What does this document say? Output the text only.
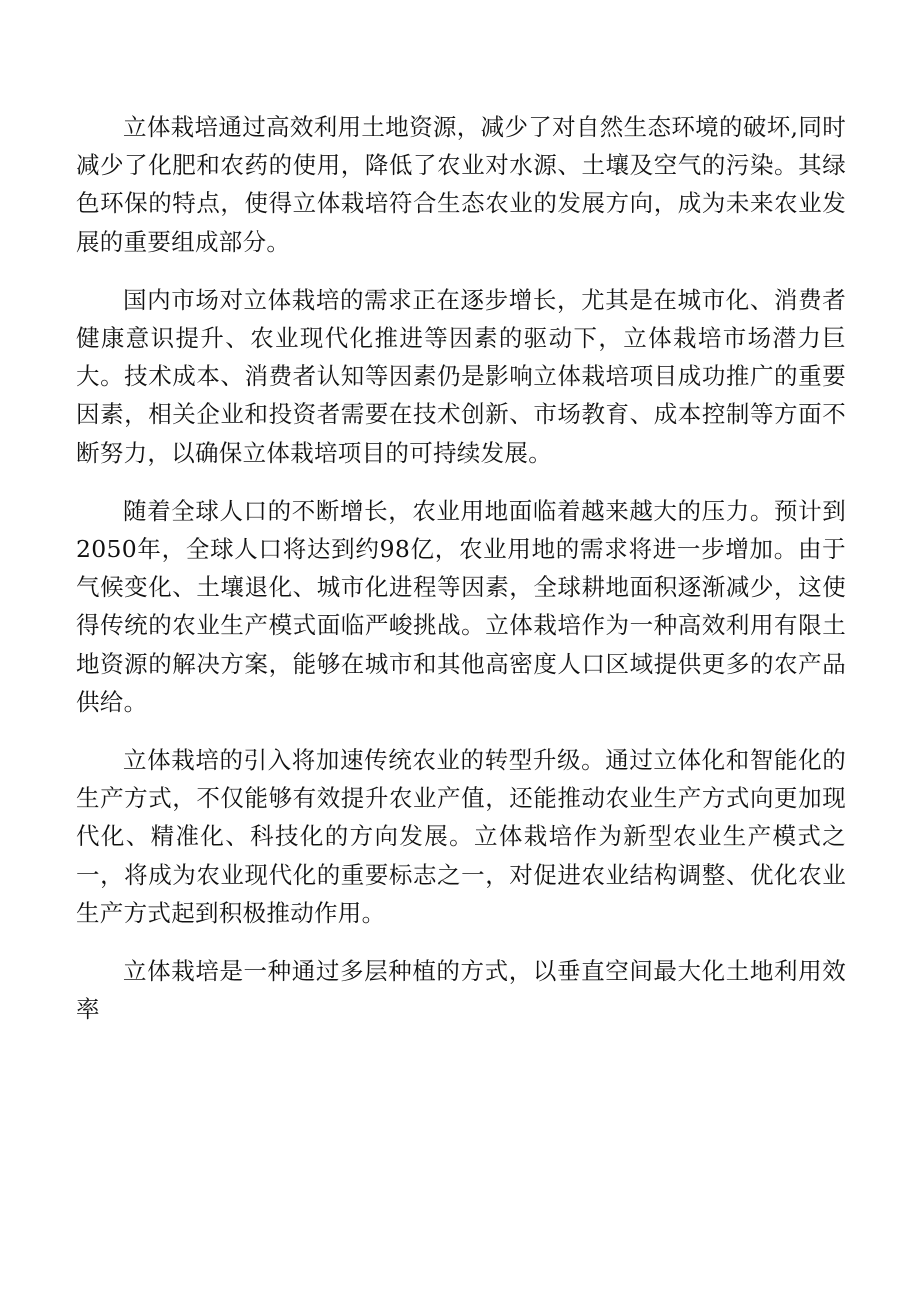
立体栽培通过高效利用土地资源，减少了对自然生态环境的破坏,同时减少了化肥和农药的使用，降低了农业对水源、土壤及空气的污染。其绿色环保的特点，使得立体栽培符合生态农业的发展方向，成为未来农业发展的重要组成部分。

国内市场对立体栽培的需求正在逐步增长，尤其是在城市化、消费者健康意识提升、农业现代化推进等因素的驱动下，立体栽培市场潜力巨大。技术成本、消费者认知等因素仍是影响立体栽培项目成功推广的重要因素，相关企业和投资者需要在技术创新、市场教育、成本控制等方面不断努力，以确保立体栽培项目的可持续发展。

随着全球人口的不断增长，农业用地面临着越来越大的压力。预计到2050年，全球人口将达到约98亿，农业用地的需求将进一步增加。由于气候变化、土壤退化、城市化进程等因素，全球耕地面积逐渐减少，这使得传统的农业生产模式面临严峻挑战。立体栽培作为一种高效利用有限土地资源的解决方案，能够在城市和其他高密度人口区域提供更多的农产品供给。

立体栽培的引入将加速传统农业的转型升级。通过立体化和智能化的生产方式，不仅能够有效提升农业产值，还能推动农业生产方式向更加现代化、精准化、科技化的方向发展。立体栽培作为新型农业生产模式之一，将成为农业现代化的重要标志之一，对促进农业结构调整、优化农业生产方式起到积极推动作用。

立体栽培是一种通过多层种植的方式，以垂直空间最大化土地利用效率
